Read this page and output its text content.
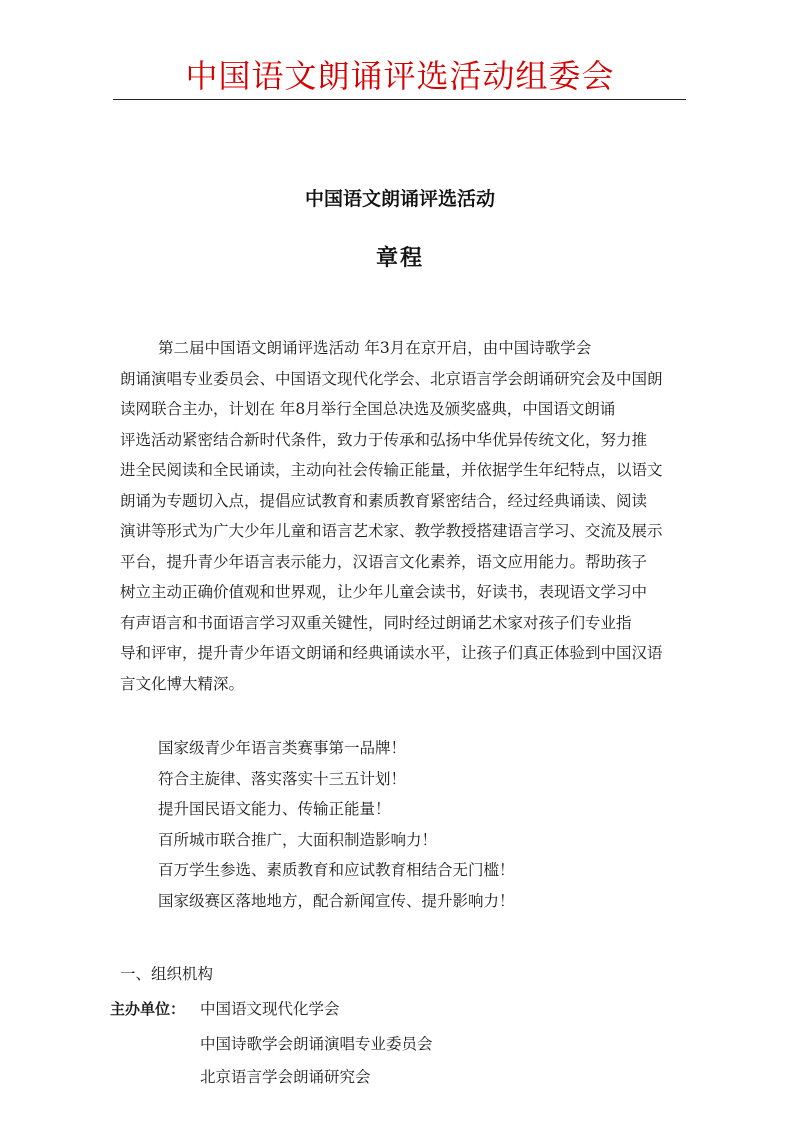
中国语文朗诵评选活动组委会
中国语文朗诵评选活动
章程
第二届中国语文朗诵评选活动 年3月在京开启，由中国诗歌学会
朗诵演唱专业委员会、中国语文现代化学会、北京语言学会朗诵研究会及中国朗
读网联合主办，计划在 年8月举行全国总决选及颁奖盛典，中国语文朗诵
评选活动紧密结合新时代条件，致力于传承和弘扬中华优异传统文化，努力推
进全民阅读和全民诵读，主动向社会传输正能量，并依据学生年纪特点，以语文
朗诵为专题切入点，提倡应试教育和素质教育紧密结合，经过经典诵读、阅读
演讲等形式为广大少年儿童和语言艺术家、教学教授搭建语言学习、交流及展示
平台，提升青少年语言表示能力，汉语言文化素养，语文应用能力。帮助孩子
树立主动正确价值观和世界观，让少年儿童会读书，好读书，表现语文学习中
有声语言和书面语言学习双重关键性，同时经过朗诵艺术家对孩子们专业指
导和评审，提升青少年语文朗诵和经典诵读水平，让孩子们真正体验到中国汉语
言文化博大精深。
国家级青少年语言类赛事第一品牌！
符合主旋律、落实落实十三五计划！
提升国民语文能力、传输正能量！
百所城市联合推广，大面积制造影响力！
百万学生参选、素质教育和应试教育相结合无门槛！
国家级赛区落地地方，配合新闻宣传、提升影响力！
一、组织机构
主办单位： 中国语文现代化学会
中国诗歌学会朗诵演唱专业委员会
北京语言学会朗诵研究会
